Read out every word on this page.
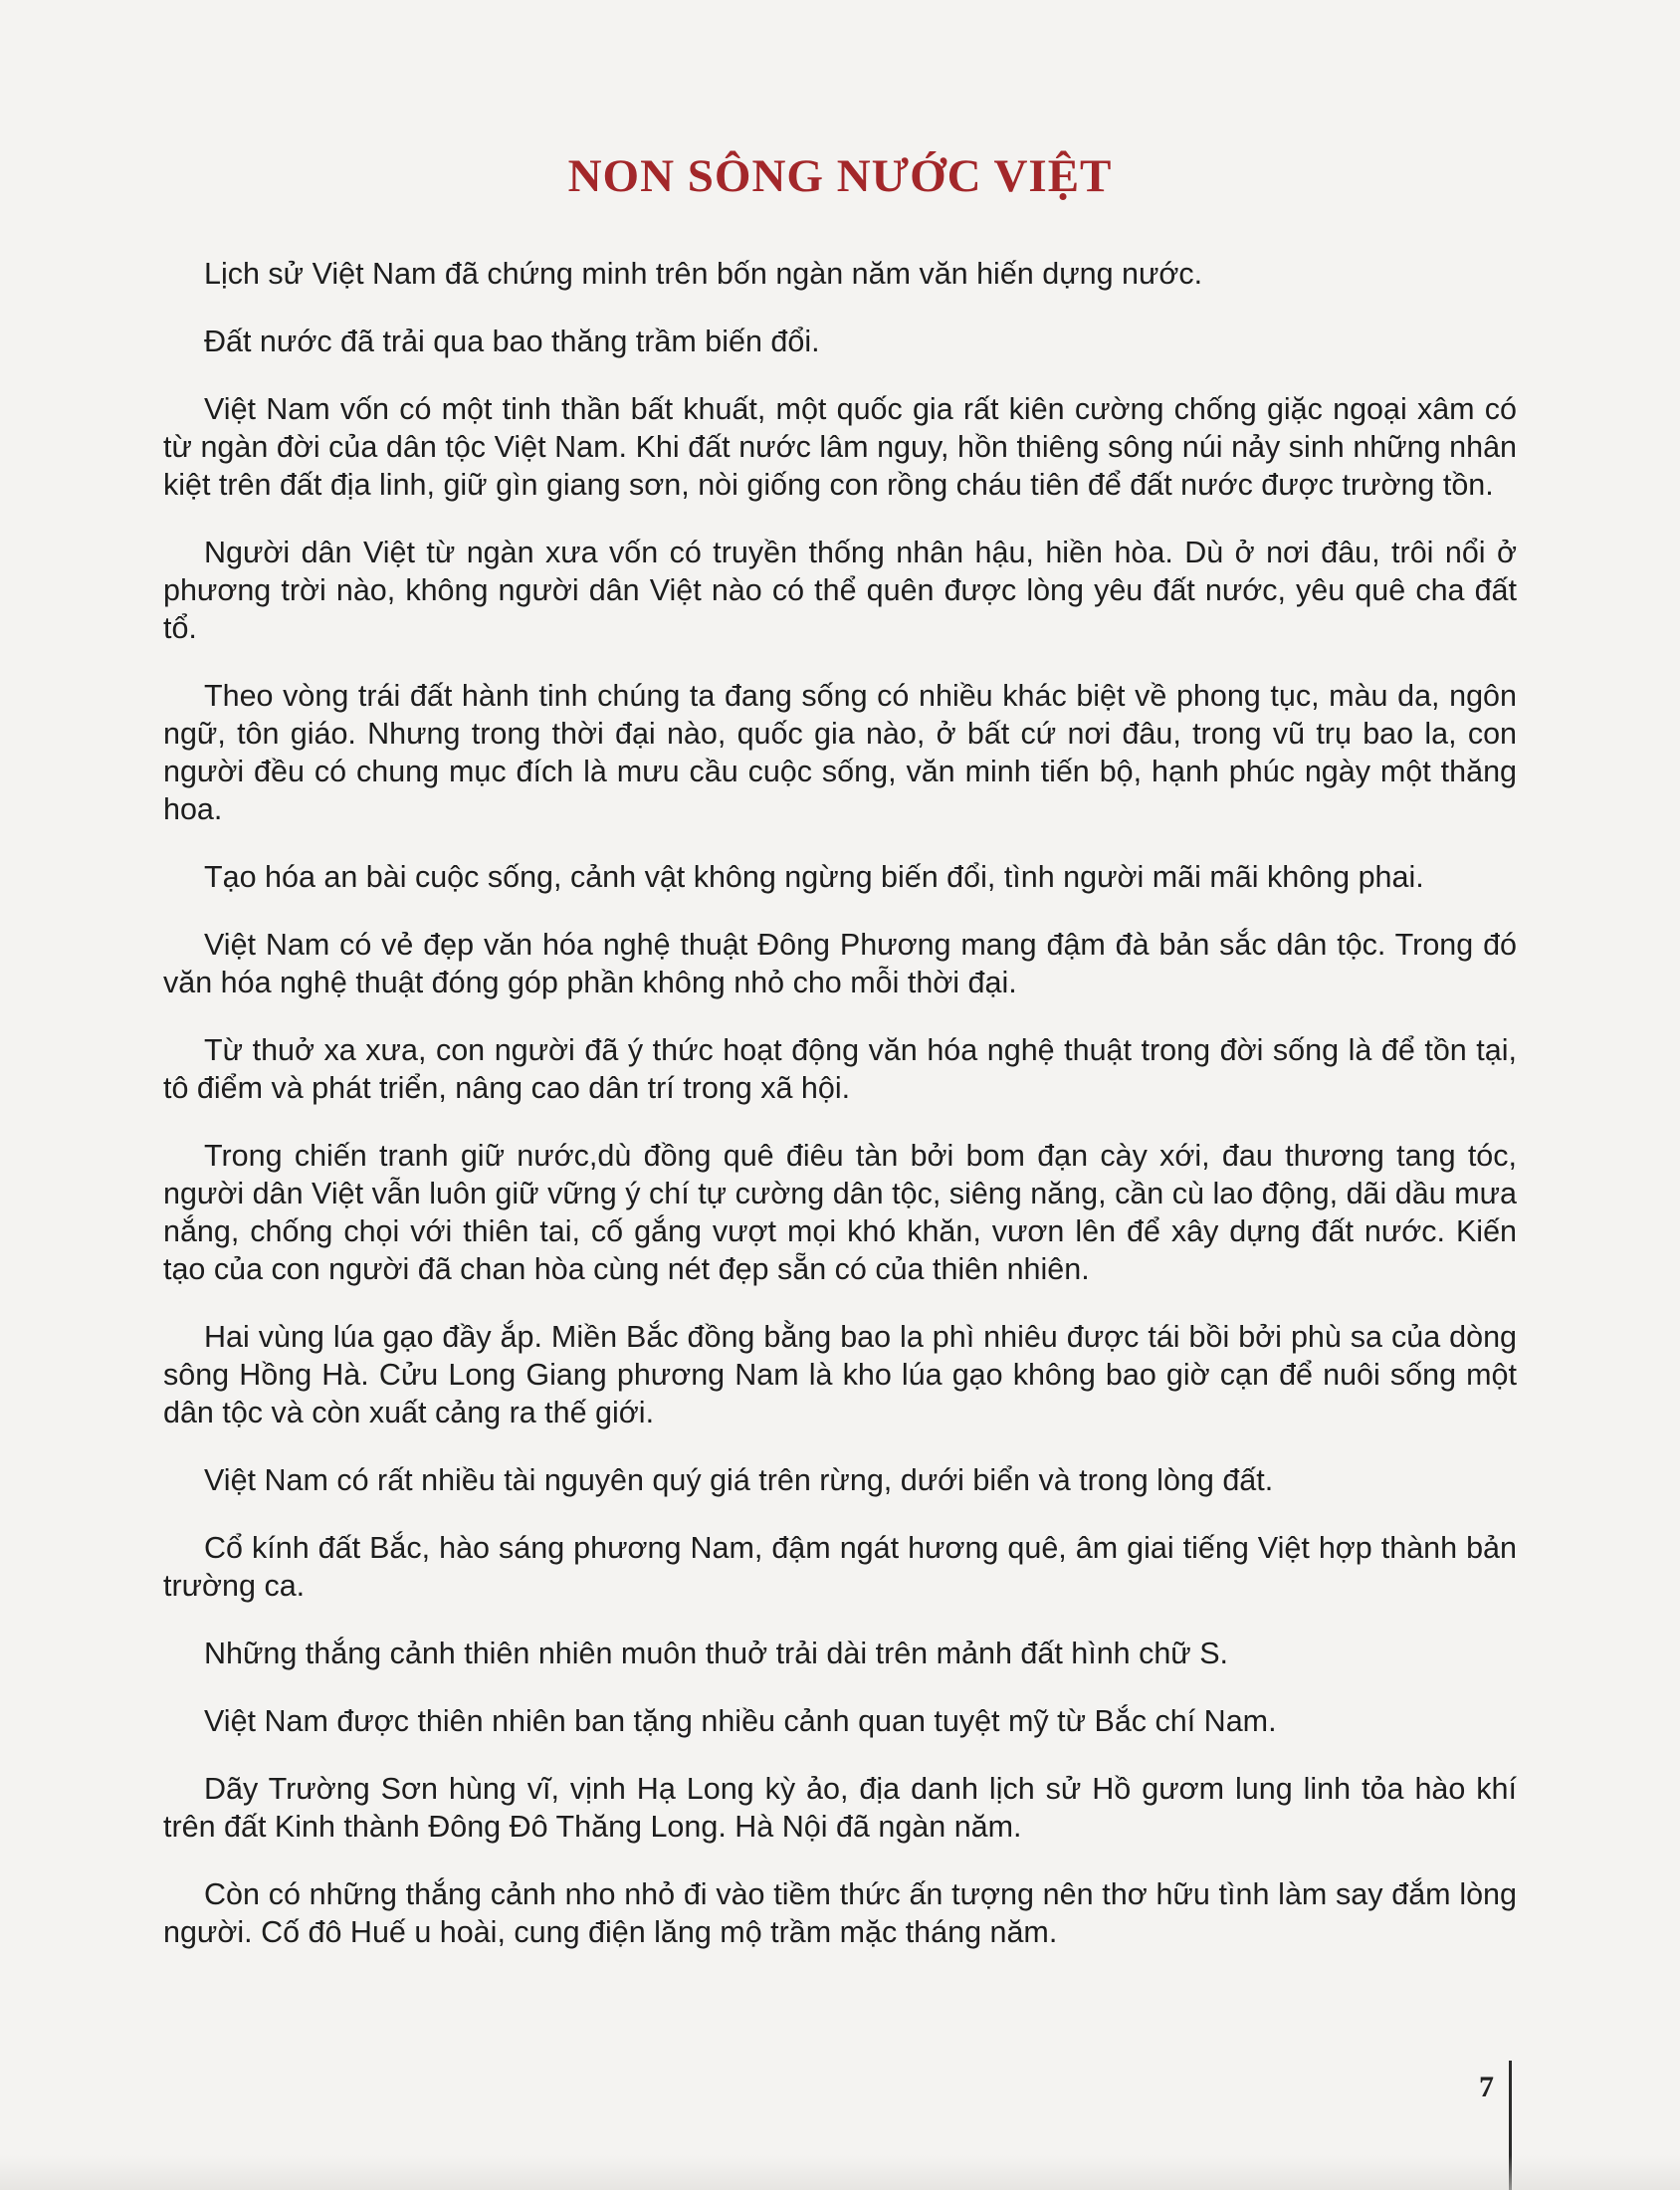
NON SÔNG NƯỚC VIỆT

Lịch sử Việt Nam đã chứng minh trên bốn ngàn năm văn hiến dựng nước.

Đất nước đã trải qua bao thăng trầm biến đổi.

Việt Nam vốn có một tinh thần bất khuất, một quốc gia rất kiên cường chống giặc ngoại xâm có từ ngàn đời của dân tộc Việt Nam. Khi đất nước lâm nguy, hồn thiêng sông núi nảy sinh những nhân kiệt trên đất địa linh, giữ gìn giang sơn, nòi giống con rồng cháu tiên để đất nước được trường tồn.

Người dân Việt từ ngàn xưa vốn có truyền thống nhân hậu, hiền hòa. Dù ở nơi đâu, trôi nổi ở phương trời nào, không người dân Việt nào có thể quên được lòng yêu đất nước, yêu quê cha đất tổ.

Theo vòng trái đất hành tinh chúng ta đang sống có nhiều khác biệt về phong tục, màu da, ngôn ngữ, tôn giáo. Nhưng trong thời đại nào, quốc gia nào, ở bất cứ nơi đâu, trong vũ trụ bao la, con người đều có chung mục đích là mưu cầu cuộc sống, văn minh tiến bộ, hạnh phúc ngày một thăng hoa.

Tạo hóa an bài cuộc sống, cảnh vật không ngừng biến đổi, tình người mãi mãi không phai.

Việt Nam có vẻ đẹp văn hóa nghệ thuật Đông Phương mang đậm đà bản sắc dân tộc. Trong đó văn hóa nghệ thuật đóng góp phần không nhỏ cho mỗi thời đại.

Từ thuở xa xưa, con người đã ý thức hoạt động văn hóa nghệ thuật trong đời sống là để tồn tại, tô điểm và phát triển, nâng cao dân trí trong xã hội.

Trong chiến tranh giữ nước,dù đồng quê điêu tàn bởi bom đạn cày xới, đau thương tang tóc, người dân Việt vẫn luôn giữ vững ý chí tự cường dân tộc, siêng năng, cần cù lao động, dãi dầu mưa nắng, chống chọi với thiên tai, cố gắng vượt mọi khó khăn, vươn lên để xây dựng đất nước. Kiến tạo của con người đã chan hòa cùng nét đẹp sẵn có của thiên nhiên.

Hai vùng lúa gạo đầy ắp. Miền Bắc đồng bằng bao la phì nhiêu được tái bồi bởi phù sa của dòng sông Hồng Hà. Cửu Long Giang phương Nam là kho lúa gạo không bao giờ cạn để nuôi sống một dân tộc và còn xuất cảng ra thế giới.

Việt Nam có rất nhiều tài nguyên quý giá trên rừng, dưới biển và trong lòng đất.

Cổ kính đất Bắc, hào sáng phương Nam, đậm ngát hương quê, âm giai tiếng Việt hợp thành bản trường ca.

Những thắng cảnh thiên nhiên muôn thuở trải dài trên mảnh đất hình chữ S.

Việt Nam được thiên nhiên ban tặng nhiều cảnh quan tuyệt mỹ từ Bắc chí Nam.

Dãy Trường Sơn hùng vĩ, vịnh Hạ Long kỳ ảo, địa danh lịch sử Hồ gươm lung linh tỏa hào khí trên đất Kinh thành Đông Đô Thăng Long. Hà Nội đã ngàn năm.

Còn có những thắng cảnh nho nhỏ đi vào tiềm thức ấn tượng nên thơ hữu tình làm say đắm lòng người. Cố đô Huế u hoài, cung điện lăng mộ trầm mặc tháng năm.

7
